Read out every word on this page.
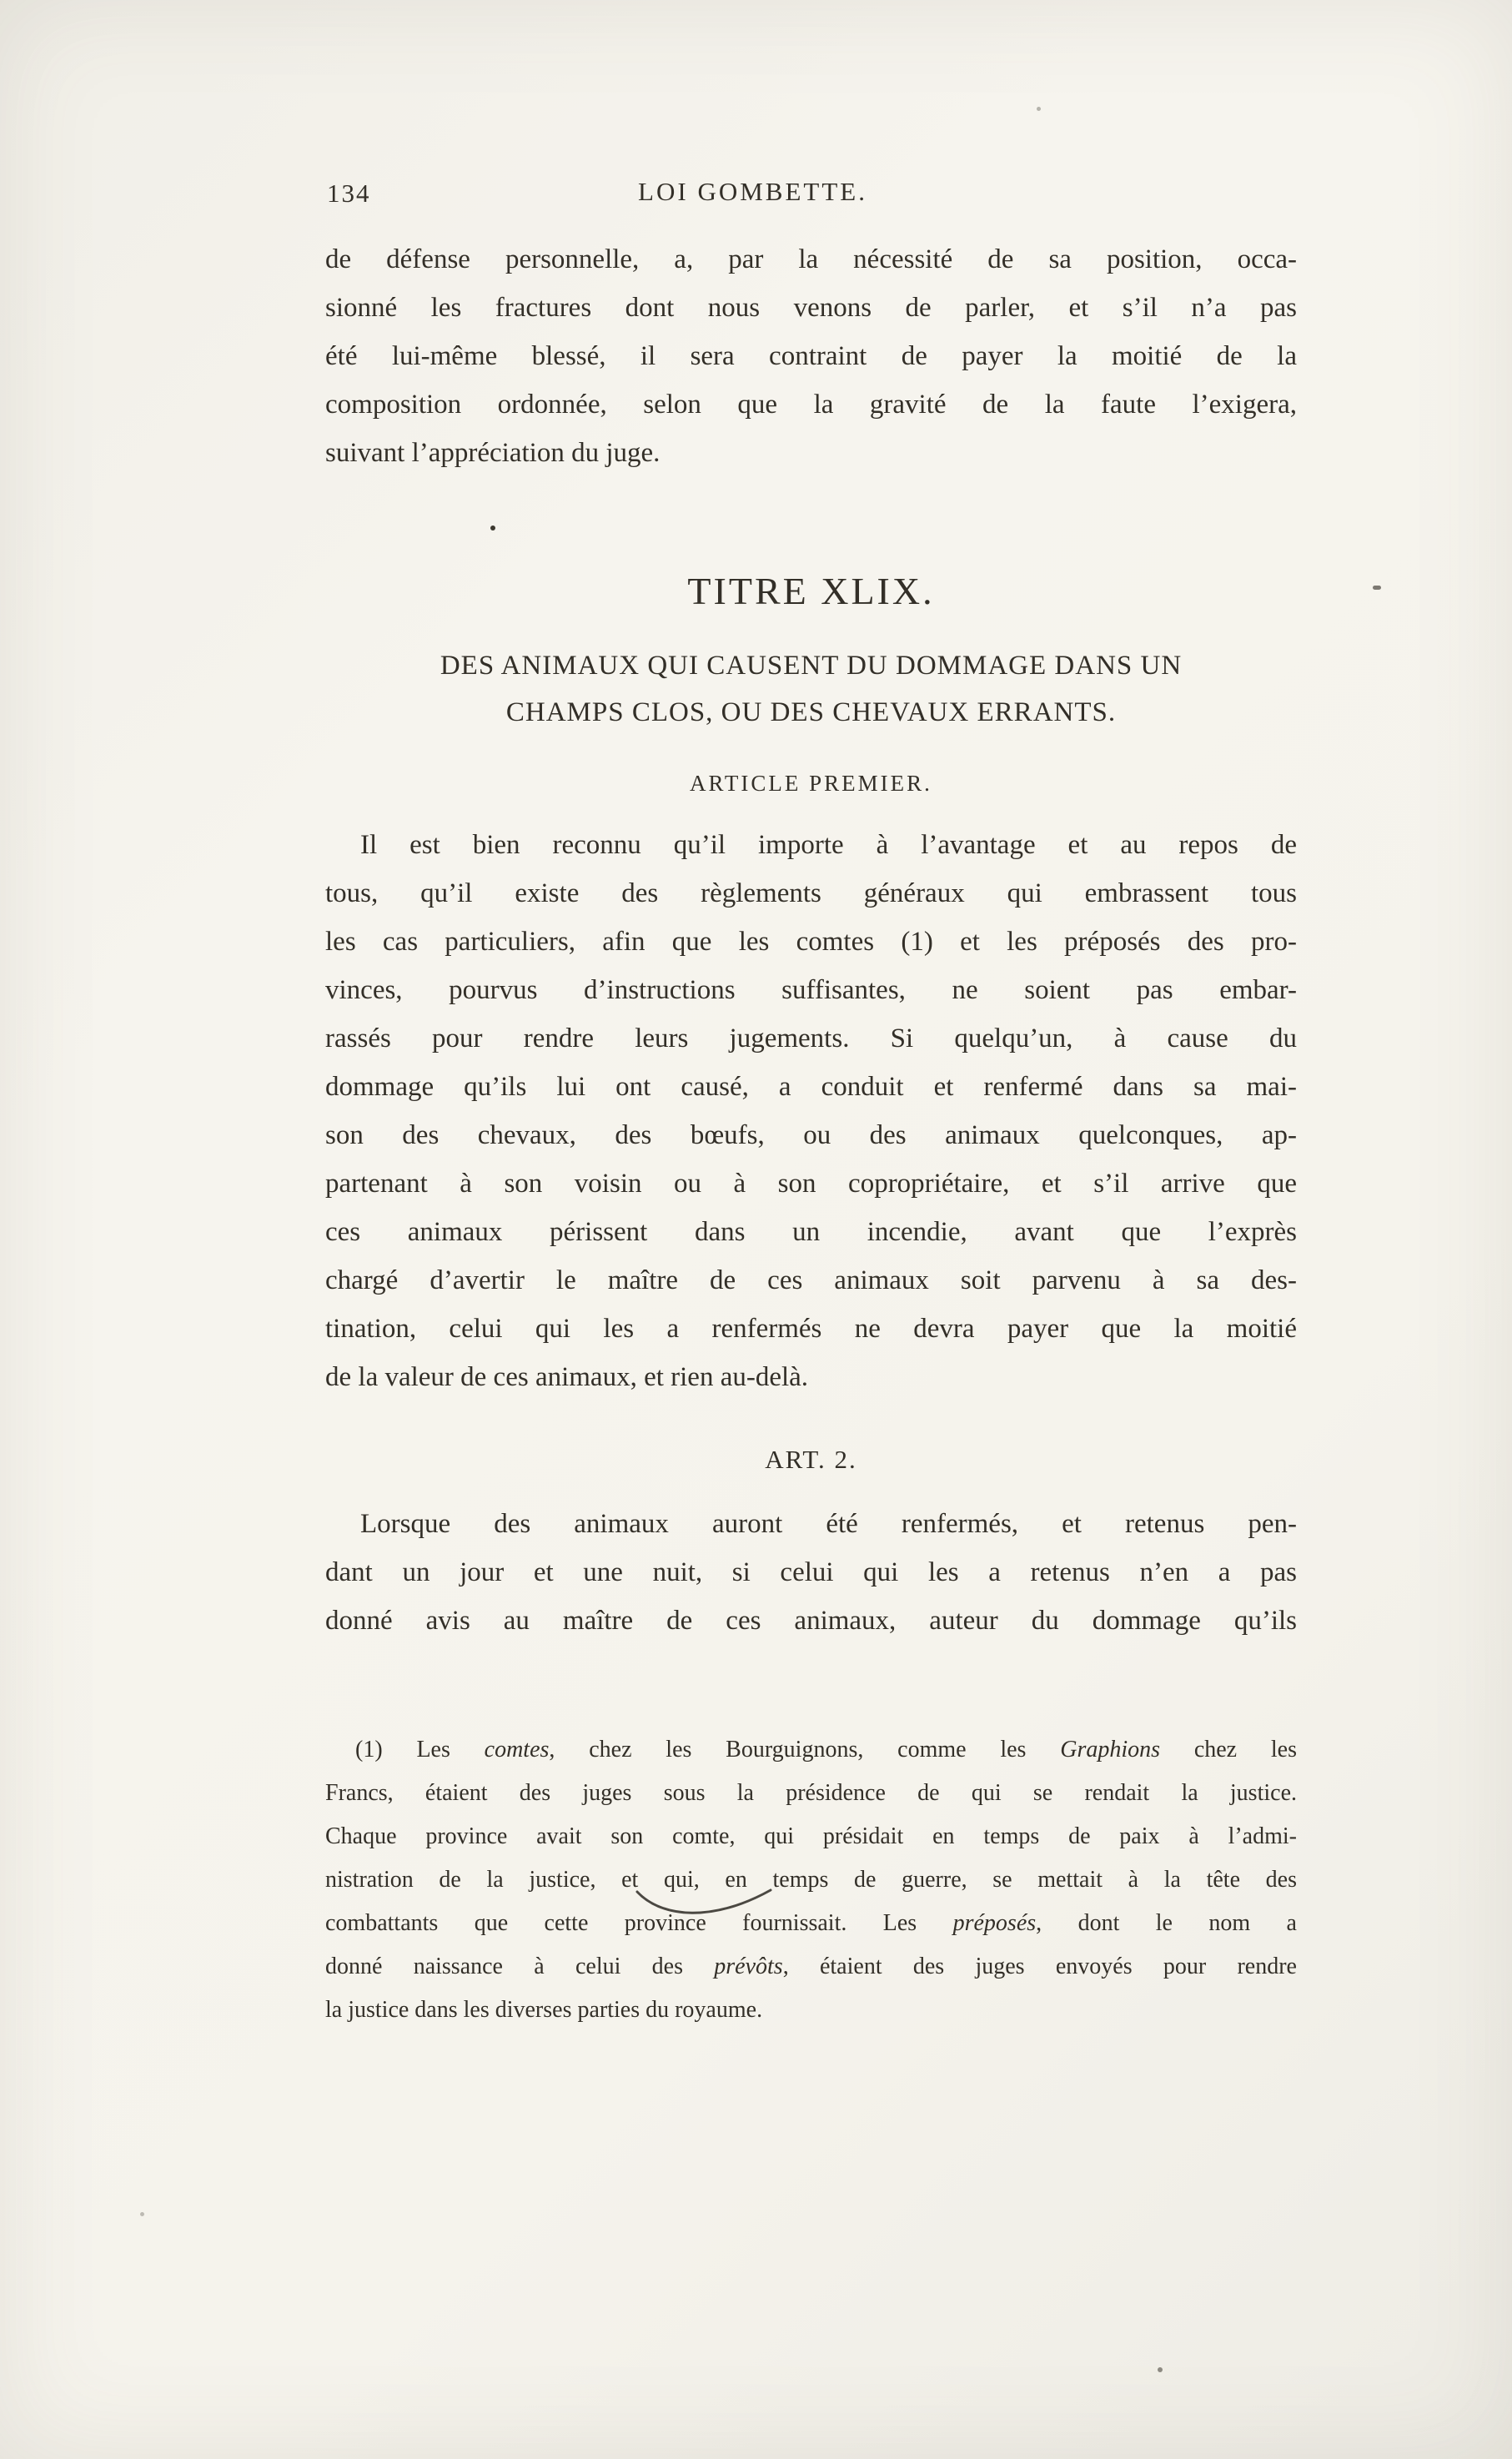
134	LOI GOMBETTE.
de défense personnelle, a, par la nécessité de sa position, occa-
sionné les fractures dont nous venons de parler, et s’il n’a pas
été lui-même blessé, il sera contraint de payer la moitié de la
composition ordonnée, selon que la gravité de la faute l’exigera,
suivant l’appréciation du juge.
TITRE XLIX.
DES ANIMAUX QUI CAUSENT DU DOMMAGE DANS UN
CHAMPS CLOS, OU DES CHEVAUX ERRANTS.
ARTICLE PREMIER.
Il est bien reconnu qu’il importe à l’avantage et au repos de
tous, qu’il existe des règlements généraux qui embrassent tous
les cas particuliers, afin que les comtes (1) et les préposés des pro-
vinces, pourvus d’instructions suffisantes, ne soient pas embar-
rassés pour rendre leurs jugements. Si quelqu’un, à cause du
dommage qu’ils lui ont causé, a conduit et renfermé dans sa mai-
son des chevaux, des bœufs, ou des animaux quelconques, ap-
partenant à son voisin ou à son copropriétaire, et s’il arrive que
ces animaux périssent dans un incendie, avant que l’exprès
chargé d’avertir le maître de ces animaux soit parvenu à sa des-
tination, celui qui les a renfermés ne devra payer que la moitié
de la valeur de ces animaux, et rien au-delà.
ART. 2.
Lorsque des animaux auront été renfermés, et retenus pen-
dant un jour et une nuit, si celui qui les a retenus n’en a pas
donné avis au maître de ces animaux, auteur du dommage qu’ils
(1) Les comtes, chez les Bourguignons, comme les Graphions chez les
Francs, étaient des juges sous la présidence de qui se rendait la justice.
Chaque province avait son comte, qui présidait en temps de paix à l’admi-
nistration de la justice, et qui, en temps de guerre, se mettait à la tête des
combattants que cette province fournissait. Les préposés, dont le nom a
donné naissance à celui des prévôts, étaient des juges envoyés pour rendre
la justice dans les diverses parties du royaume.
